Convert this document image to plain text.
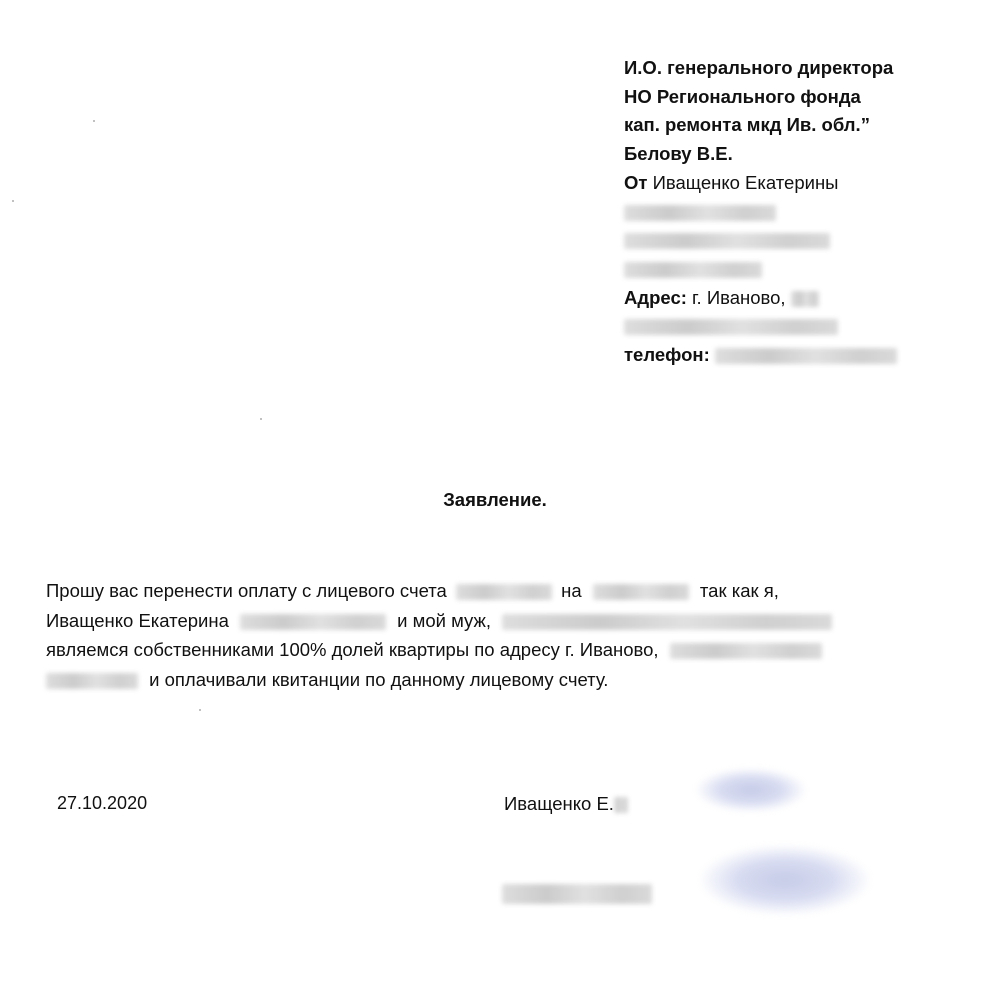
И.О. генерального директора
НО Регионального фонда
кап. ремонта мкд Ив. обл.”
Белову В.Е.
От Иващенко Екатерины
Адрес: г. Иваново,
телефон:
Заявление.
Прошу вас перенести оплату с лицевого счета	на	так как я,
Иващенко Екатерина	и мой муж,
являемся собственниками 100% долей квартиры по адресу г. Иваново,
и оплачивали квитанции по данному лицевому счету.
27.10.2020	Иващенко Е.
